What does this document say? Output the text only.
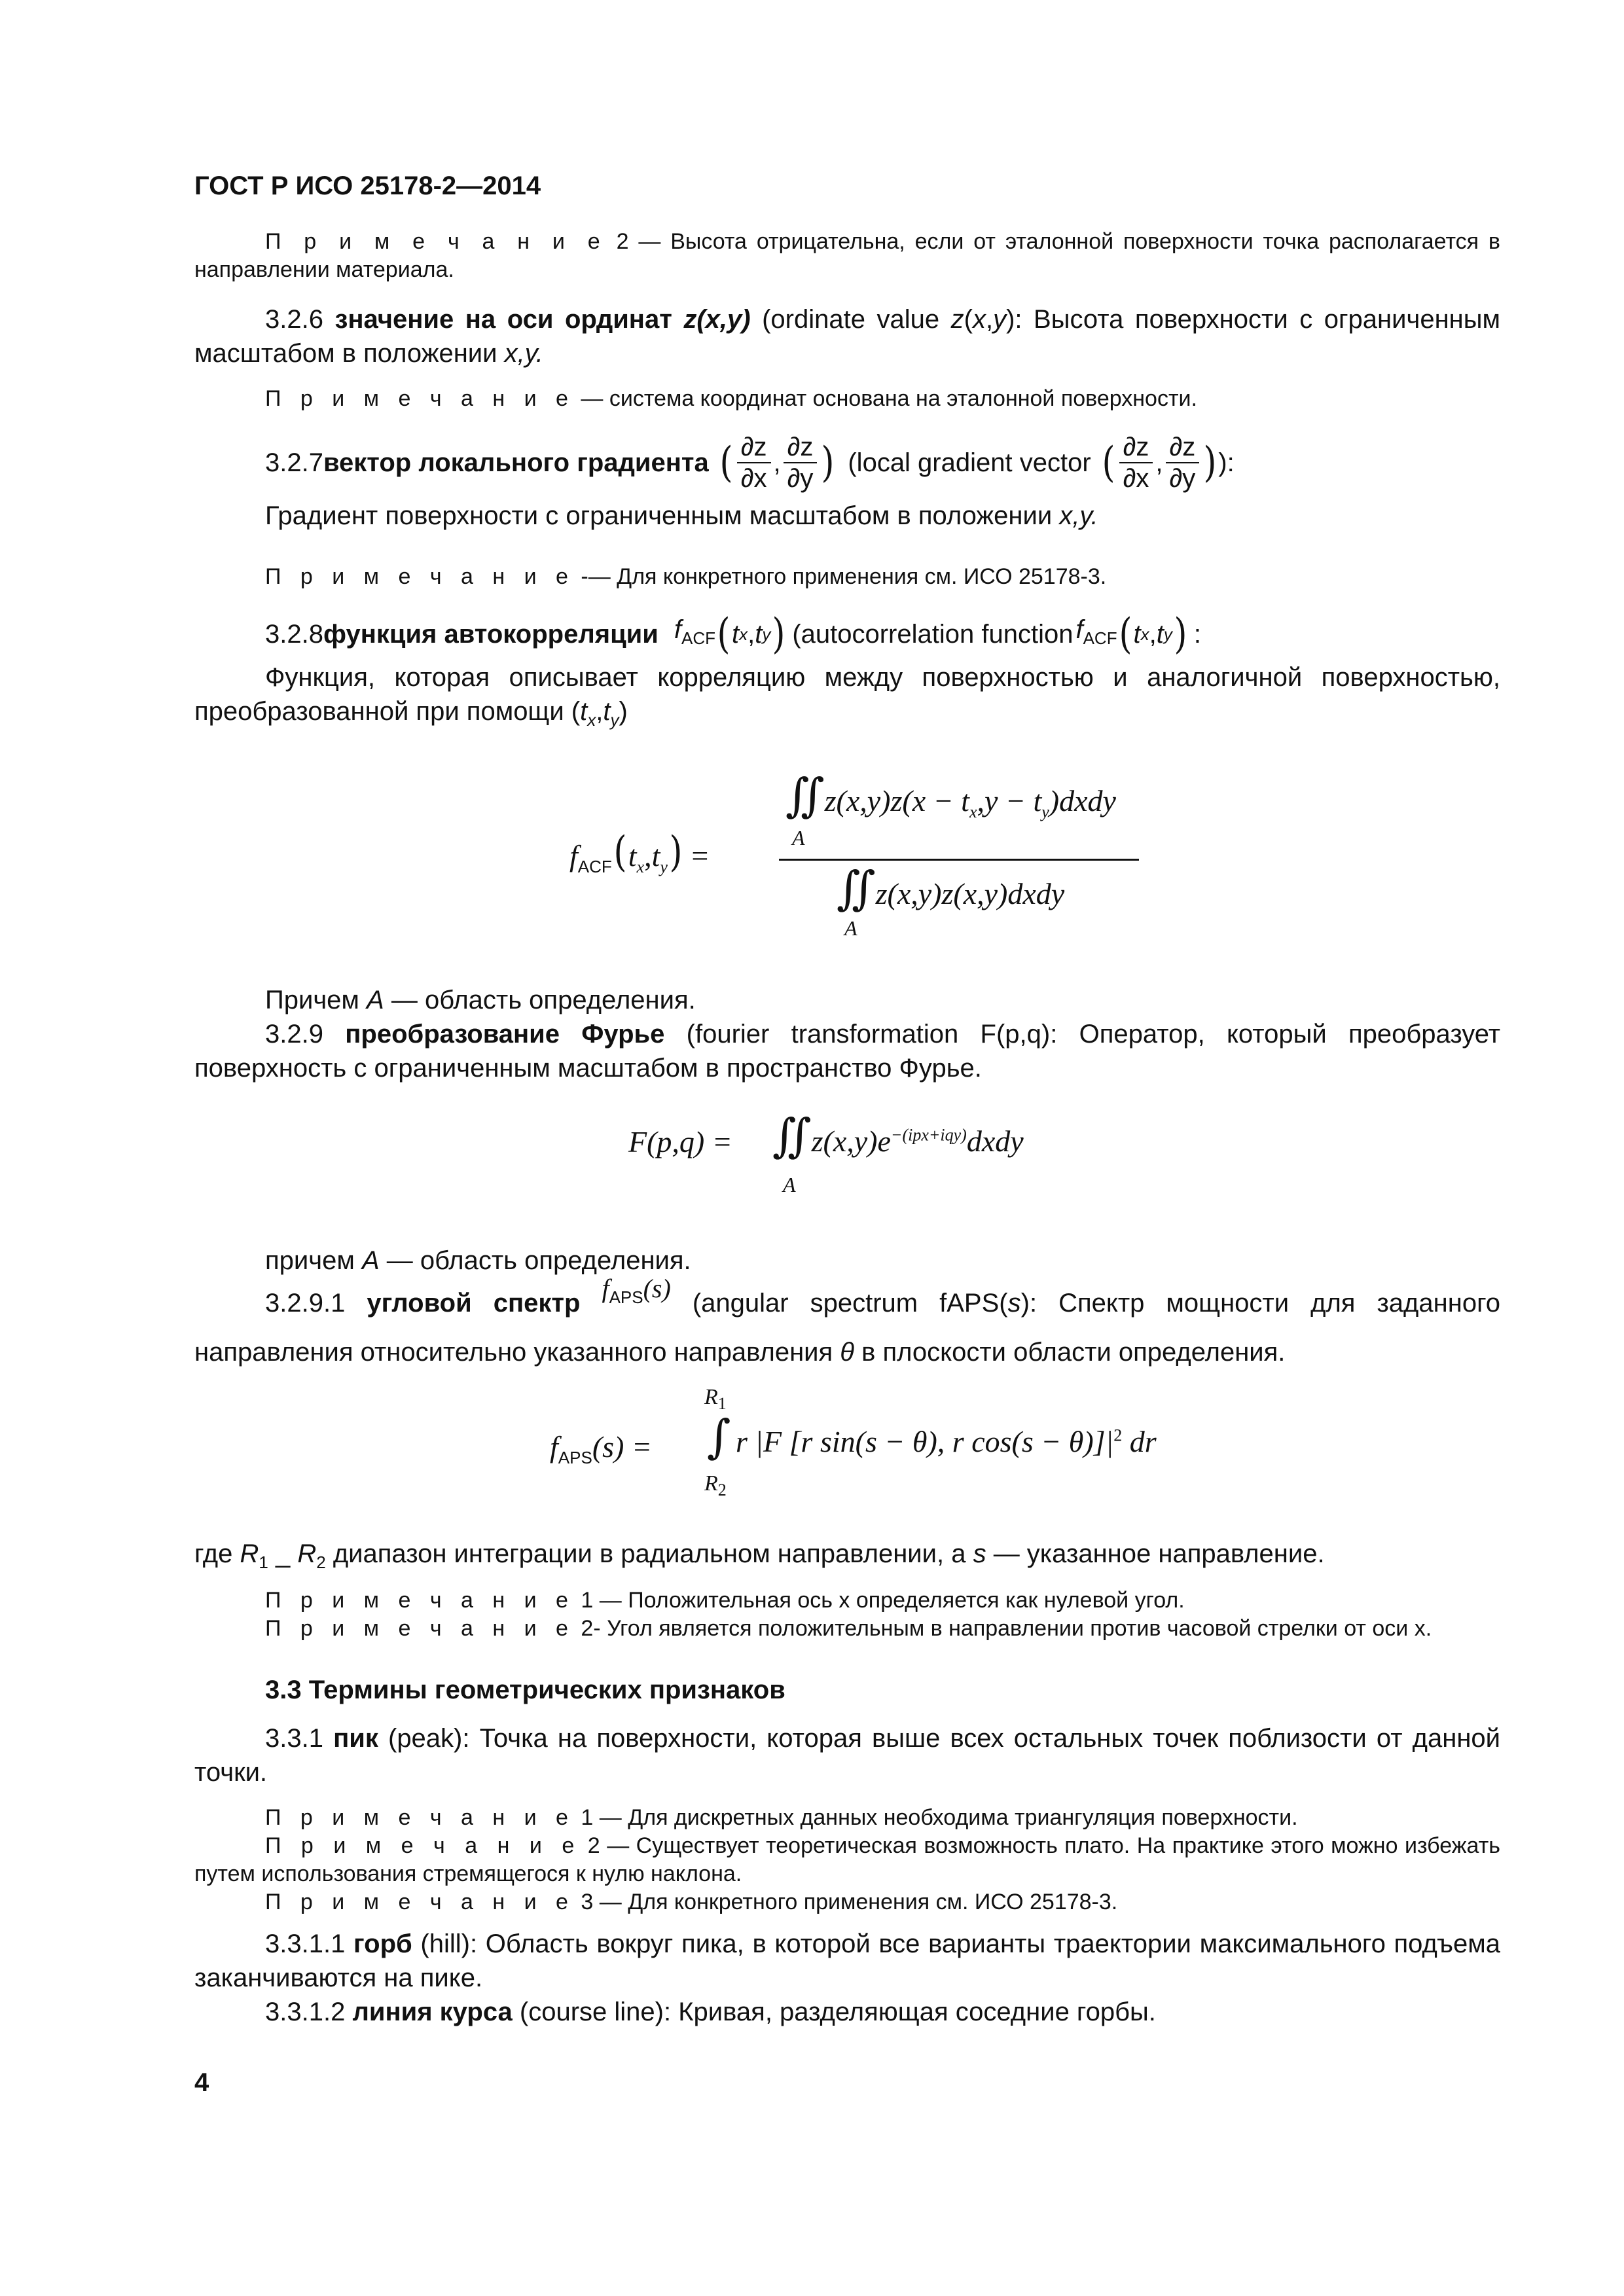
ГОСТ Р ИСО 25178-2—2014

П р и м е ч а н и е 2 — Высота отрицательна, если от эталонной поверхности точка располагается в направлении материала.

3.2.6 значение на оси ординат z(x,y) (ordinate value z(x,y): Высота поверхности с ограниченным масштабом в положении x,y.

П р и м е ч а н и е — система координат основана на эталонной поверхности.

3.2.7 вектор локального градиента ( $\frac{\partial z}{\partial x}$ , $\frac{\partial z}{\partial y}$ ) (local gradient vector ( $\frac{\partial z}{\partial x}$ , $\frac{\partial z}{\partial y}$ ) ):

Градиент поверхности с ограниченным масштабом в положении x,y.

П р и м е ч а н и е -— Для конкретного применения см. ИСО 25178-3.

3.2.8 функция автокорреляции $f_{ACF}$ ( t x , t y ) (autocorrelation function $f_{ACF}$ ( t x , t y ) :

Функция, которая описывает корреляцию между поверхностью и аналогичной поверхностью, преобразованной при помощи $(t_x,t_y)$

$f_{ACF}(t_x,t_y)$ =
∬z(x,y)z(x − $t_x,y$ − $t_y)dxdy$
A
∬z(x,y)z(x,y)dxdy
A

Причем A — область определения.

3.2.9 преобразование Фурье (fourier transformation F(p,q): Оператор, который преобразует поверхность с ограниченным масштабом в пространство Фурье.

$F(p,q) = ∬z(x,y)e^{-(ipx+iqy)}dxdy$
A

причем A — область определения.

3.2.9.1 угловой спектр $f_{APS}(s)$ (angular spectrum fAPS(s): Спектр мощности для заданного направления относительно указанного направления θ в плоскости области определения.

$f_{APS}(s)$ =
$R_1$
∫
$R_2$
r |F [r sin(s − θ), r $\cos(s - \theta)]|^2$ dr

где $R_1$ _ $R_2$ диапазон интеграции в радиальном направлении, а s — указанное направление.

П р и м е ч а н и е 1 — Положительная ось x определяется как нулевой угол.

П р и м е ч а н и е 2- Угол является положительным в направлении против часовой стрелки от оси x.

3.3 Термины геометрических признаков

3.3.1 пик (peak): Точка на поверхности, которая выше всех остальных точек поблизости от данной точки.

П р и м е ч а н и е 1 — Для дискретных данных необходима триангуляция поверхности.

П р и м е ч а н и е 2 — Существует теоретическая возможность плато. На практике этого можно избежать путем использования стремящегося к нулю наклона.

П р и м е ч а н и е 3 — Для конкретного применения см. ИСО 25178-3.

3.3.1.1 горб (hill): Область вокруг пика, в которой все варианты траектории максимального подъема заканчиваются на пике.

3.3.1.2 линия курса (course line): Кривая, разделяющая соседние горбы.

4
